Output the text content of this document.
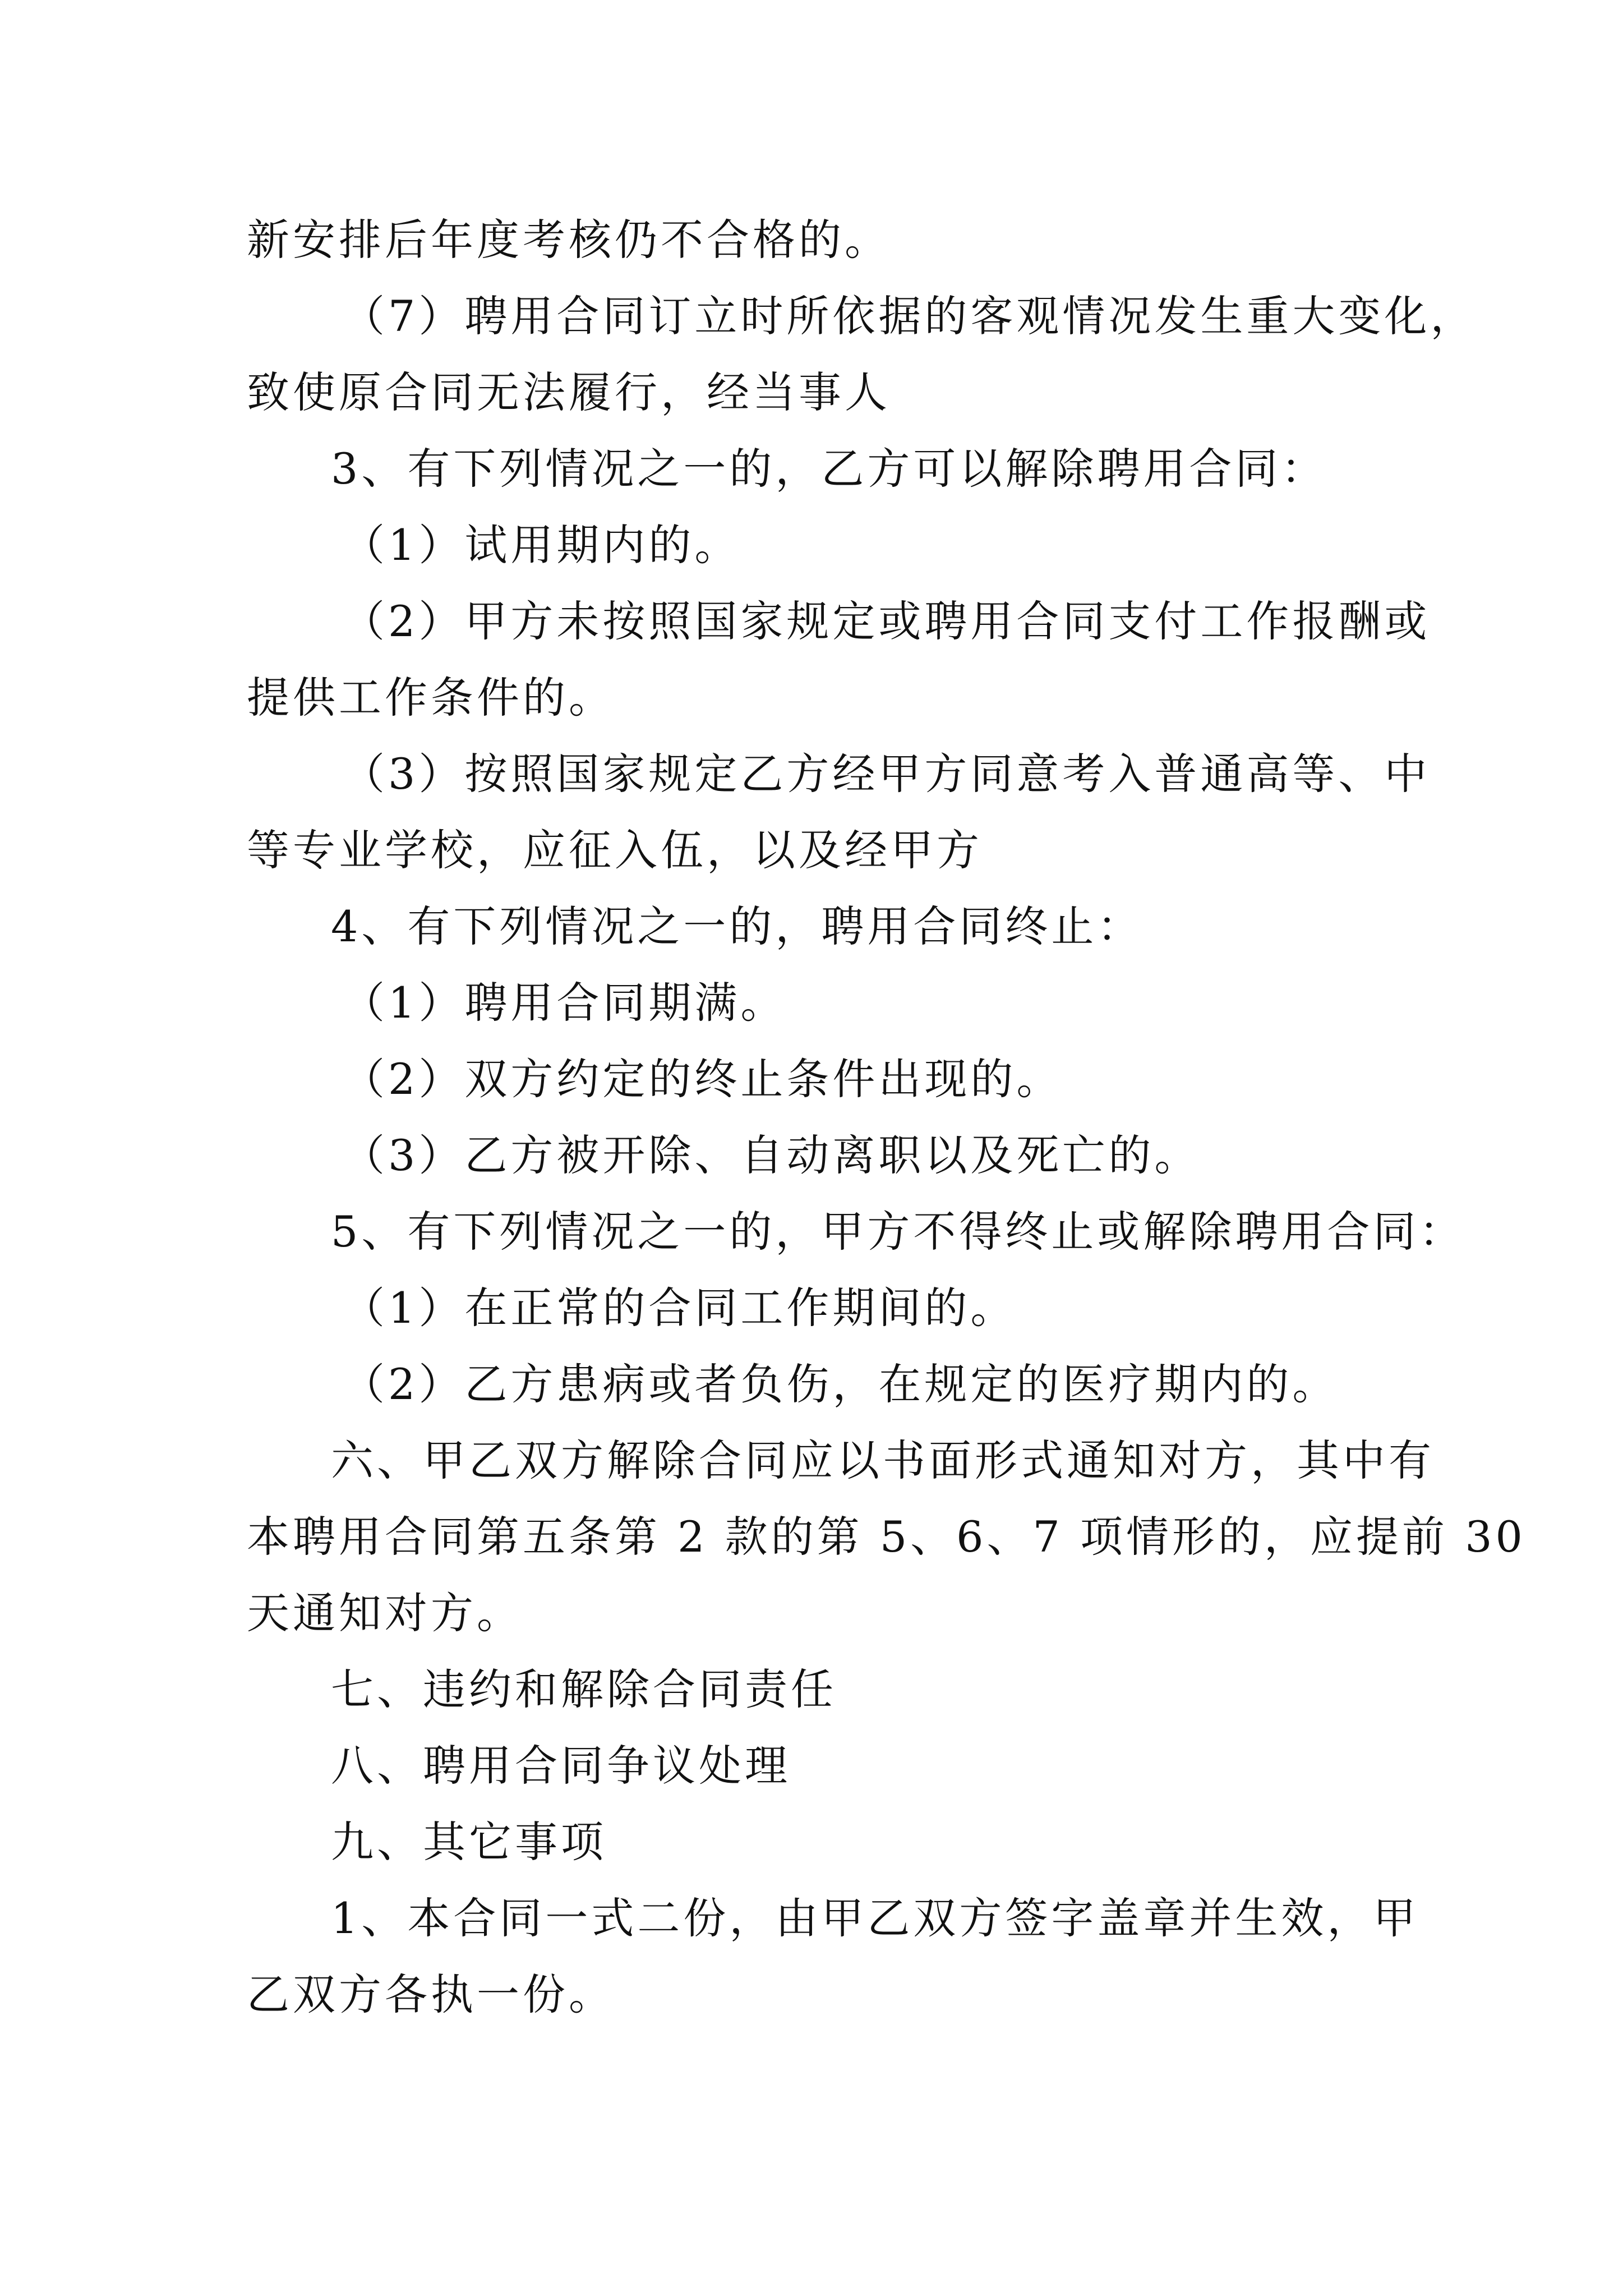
新安排后年度考核仍不合格的。
（7）聘用合同订立时所依据的客观情况发生重大变化，
致使原合同无法履行，经当事人
3、有下列情况之一的，乙方可以解除聘用合同：
（1）试用期内的。
（2）甲方未按照国家规定或聘用合同支付工作报酬或
提供工作条件的。
（3）按照国家规定乙方经甲方同意考入普通高等、中
等专业学校，应征入伍，以及经甲方
4、有下列情况之一的，聘用合同终止：
（1）聘用合同期满。
（2）双方约定的终止条件出现的。
（3）乙方被开除、自动离职以及死亡的。
5、有下列情况之一的，甲方不得终止或解除聘用合同：
（1）在正常的合同工作期间的。
（2）乙方患病或者负伤，在规定的医疗期内的。
六、甲乙双方解除合同应以书面形式通知对方，其中有
本聘用合同第五条第 2 款的第 5、6、7 项情形的，应提前 30
天通知对方。
七、违约和解除合同责任
八、聘用合同争议处理
九、其它事项
1、本合同一式二份，由甲乙双方签字盖章并生效，甲
乙双方各执一份。
